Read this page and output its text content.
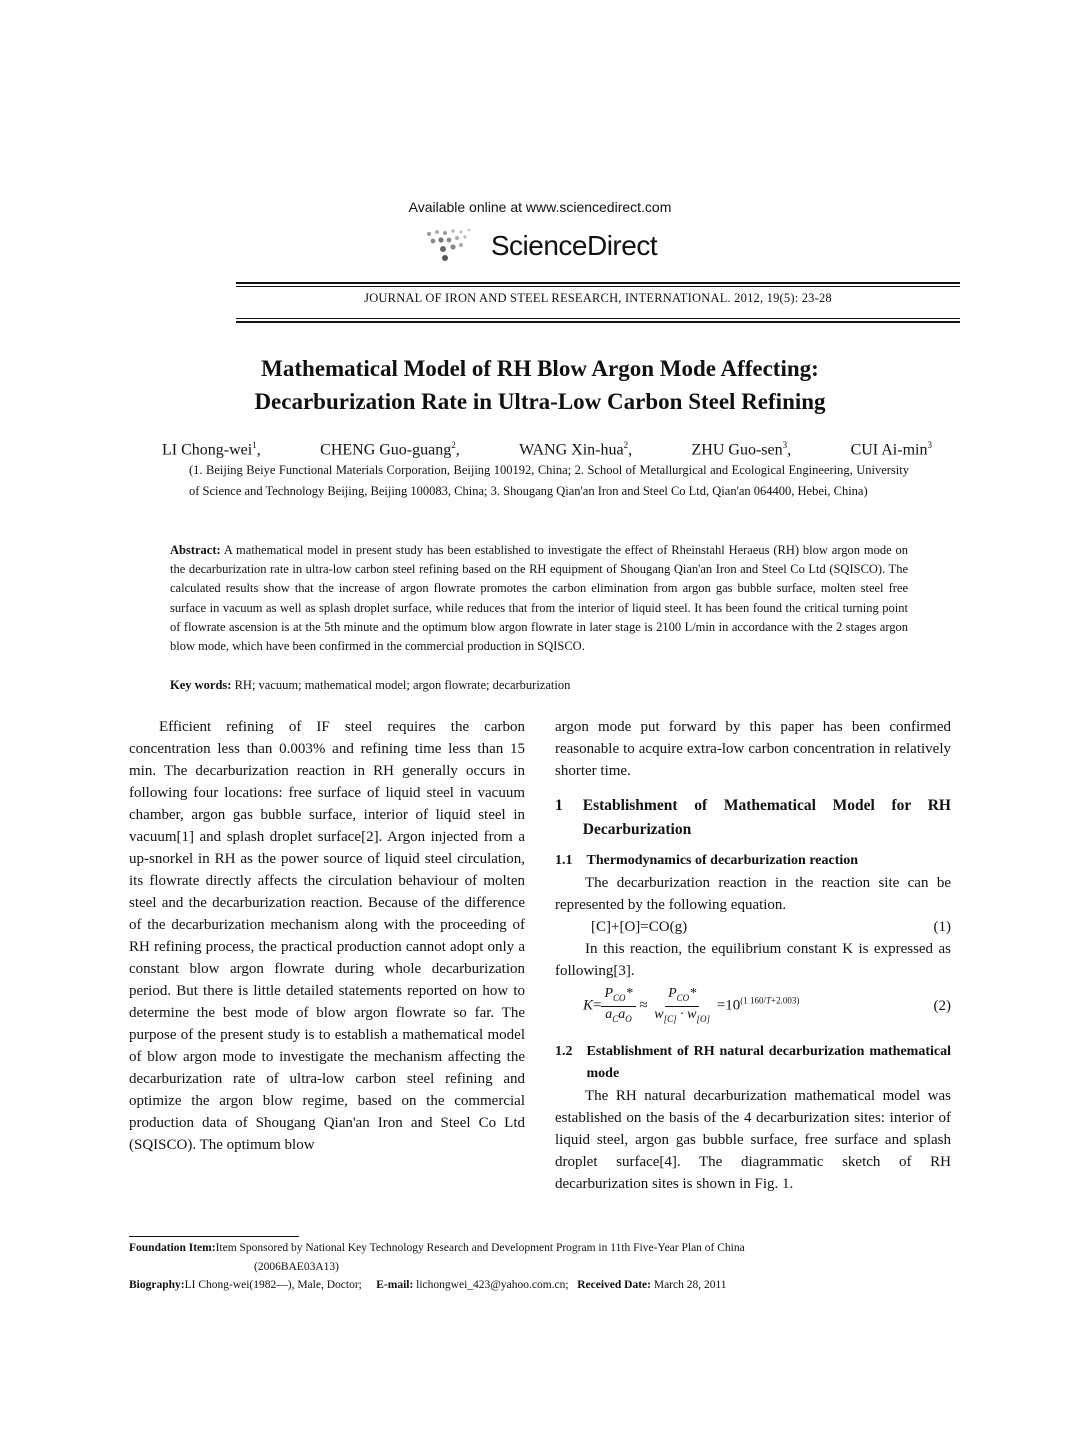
Available online at www.sciencedirect.com
ScienceDirect
JOURNAL OF IRON AND STEEL RESEARCH, INTERNATIONAL. 2012, 19(5): 23-28
Mathematical Model of RH Blow Argon Mode Affecting:
Decarburization Rate in Ultra-Low Carbon Steel Refining
LI Chong-wei$^1$,	CHENG Guo-guang$^2$,	WANG Xin-hua$^2$,	ZHU Guo-sen$^3$,	CUI $Ai-\min^3$
(1. Beijing Beiye Functional Materials Corporation, Beijing 100192, China; 2. School of Metallurgical and Ecological Engineering, University of Science and Technology Beijing, Beijing 100083, China; 3. Shougang Qian'an Iron and Steel Co Ltd, Qian'an 064400, Hebei, China)
Abstract: A mathematical model in present study has been established to investigate the effect of Rheinstahl Heraeus (RH) blow argon mode on the decarburization rate in ultra-low carbon steel refining based on the RH equipment of Shougang Qian'an Iron and Steel Co Ltd (SQISCO). The calculated results show that the increase of argon flowrate promotes the carbon elimination from argon gas bubble surface, molten steel free surface in vacuum as well as splash droplet surface, while reduces that from the interior of liquid steel. It has been found the critical turning point of flowrate ascension is at the 5th minute and the optimum blow argon flowrate in later stage is 2100 L/min in accordance with the 2 stages argon blow mode, which have been confirmed in the commercial production in SQISCO.
Key words: RH; vacuum; mathematical model; argon flowrate; decarburization

Efficient refining of IF steel requires the carbon concentration less than 0.003% and refining time less than 15 min. The decarburization reaction in RH generally occurs in following four locations: free surface of liquid steel in vacuum chamber, argon gas bubble surface, interior of liquid steel in vacuum[1] and splash droplet surface[2]. Argon injected from a up-snorkel in RH as the power source of liquid steel circulation, its flowrate directly affects the circulation behaviour of molten steel and the decarburization reaction. Because of the difference of the decarburization mechanism along with the proceeding of RH refining process, the practical production cannot adopt only a constant blow argon flowrate during whole decarburization period. But there is little detailed statements reported on how to determine the best mode of blow argon flowrate so far. The purpose of the present study is to establish a mathematical model of blow argon mode to investigate the mechanism affecting the decarburization rate of ultra-low carbon steel refining and optimize the argon blow regime, based on the commercial production data of Shougang Qian'an Iron and Steel Co Ltd (SQISCO). The optimum blow

argon mode put forward by this paper has been confirmed reasonable to acquire extra-low carbon concentration in relatively shorter time.

1 Establishment of Mathematical Model for RH Decarburization
1.1 Thermodynamics of decarburization reaction

The decarburization reaction in the reaction site can be represented by the following equation.

[C]+[O]=CO(g)	(1)

In this reaction, the equilibrium constant K is expressed as following[3].

$K= \frac{P_{CO}*}{a_Ca_O} \approx \frac{P_{CO}*}{w_{[C]} \cdot w_{[O]}} =10^{(1 160/T+2.003)}$	(2)
1.2 Establishment of RH natural decarburization mathematical mode

The RH natural decarburization mathematical model was established on the basis of the 4 decarburization sites: interior of liquid steel, argon gas bubble surface, free surface and splash droplet surface[4]. The diagrammatic sketch of RH decarburization sites is shown in Fig. 1.

Foundation Item:Item Sponsored by National Key Technology Research and Development Program in 11th Five-Year Plan of China
(2006BAE03A13)
Biography:LI Chong-wei(1982—), Male, Doctor; E-mail: lichongwei_423@yahoo.com.cn; Received Date: March 28, 2011
